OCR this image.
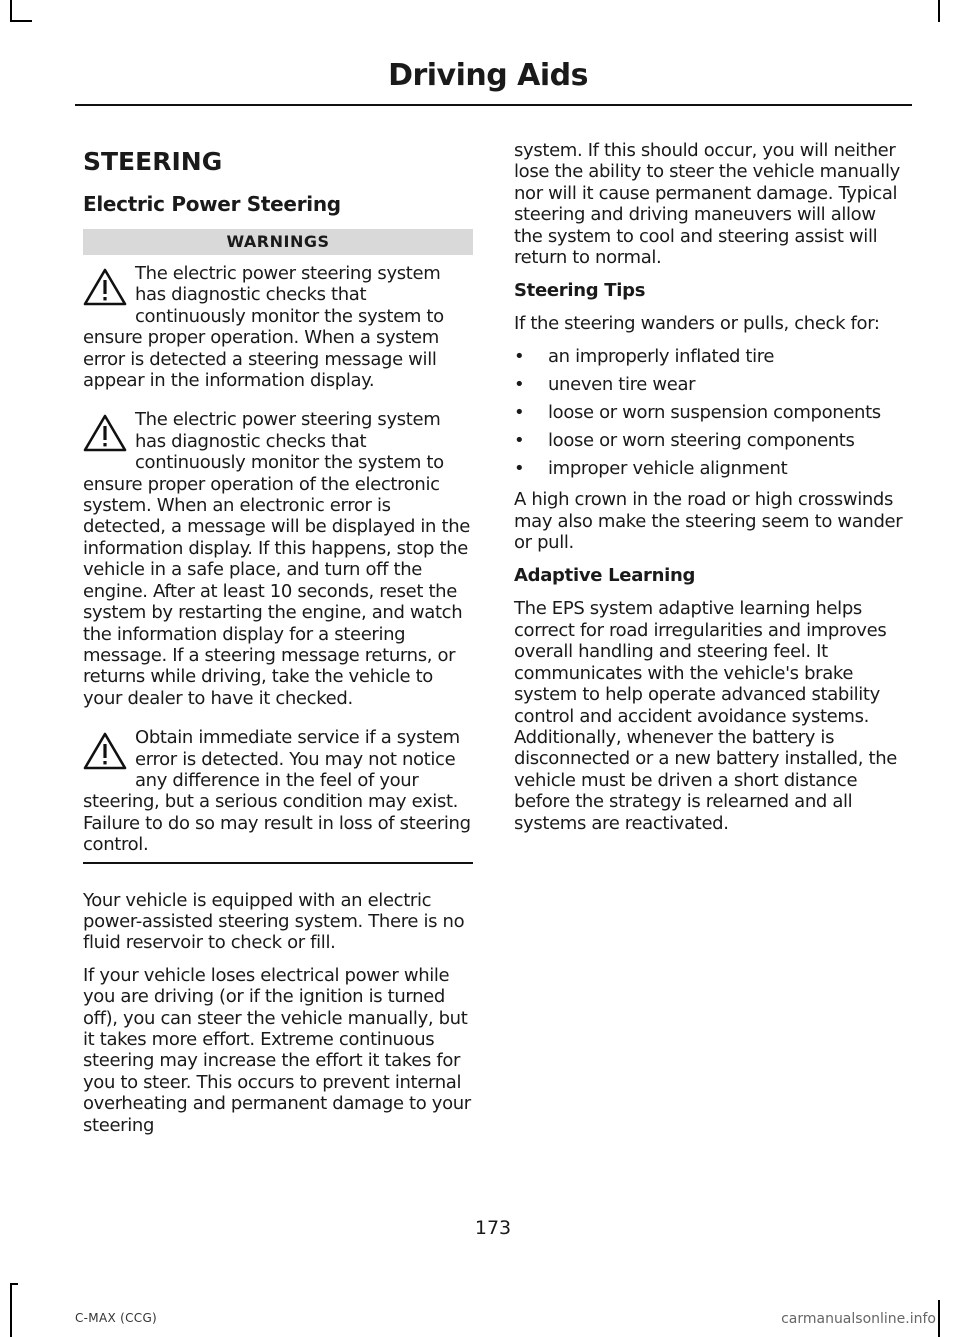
Driving Aids
STEERING
Electric Power Steering
WARNINGS
The electric power steering system has diagnostic checks that continuously monitor the system to ensure proper operation. When a system error is detected a steering message will appear in the information display.
The electric power steering system has diagnostic checks that continuously monitor the system to ensure proper operation of the electronic system. When an electronic error is detected, a message will be displayed in the information display. If this happens, stop the vehicle in a safe place, and turn off the engine. After at least 10 seconds, reset the system by restarting the engine, and watch the information display for a steering message. If a steering message returns, or returns while driving, take the vehicle to your dealer to have it checked.
Obtain immediate service if a system error is detected. You may not notice any difference in the feel of your steering, but a serious condition may exist. Failure to do so may result in loss of steering control.

Your vehicle is equipped with an electric power-assisted steering system. There is no fluid reservoir to check or fill.

If your vehicle loses electrical power while you are driving (or if the ignition is turned off), you can steer the vehicle manually, but it takes more effort. Extreme continuous steering may increase the effort it takes for you to steer. This occurs to prevent internal overheating and permanent damage to your steering

system. If this should occur, you will neither lose the ability to steer the vehicle manually nor will it cause permanent damage. Typical steering and driving maneuvers will allow the system to cool and steering assist will return to normal.

Steering Tips

If the steering wanders or pulls, check for:

• an improperly inflated tire
• uneven tire wear
• loose or worn suspension components
• loose or worn steering components
• improper vehicle alignment

A high crown in the road or high crosswinds may also make the steering seem to wander or pull.

Adaptive Learning

The EPS system adaptive learning helps correct for road irregularities and improves overall handling and steering feel. It communicates with the vehicle's brake system to help operate advanced stability control and accident avoidance systems. Additionally, whenever the battery is disconnected or a new battery installed, the vehicle must be driven a short distance before the strategy is relearned and all systems are reactivated.

173
C-MAX (CCG)	carmanualsonline.info
